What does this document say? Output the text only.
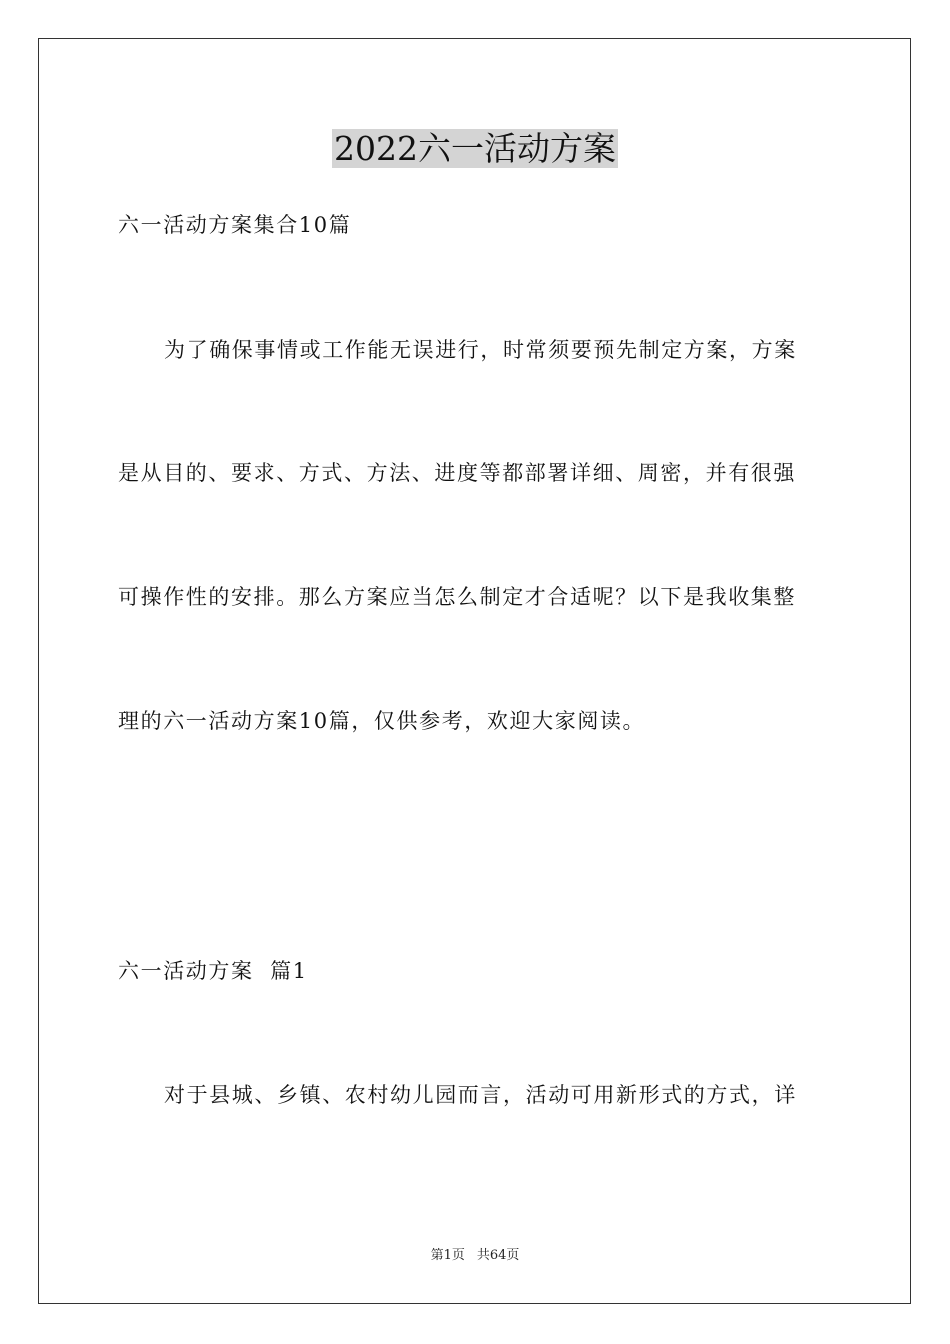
2022六一活动方案
六一活动方案集合10篇
为了确保事情或工作能无误进行，时常须要预先制定方案，方案
是从目的、要求、方式、方法、进度等都部署详细、周密，并有很强
可操作性的安排。那么方案应当怎么制定才合适呢？以下是我收集整
理的六一活动方案10篇，仅供参考，欢迎大家阅读。
六一活动方案  篇1
对于县城、乡镇、农村幼儿园而言，活动可用新形式的方式，详
第1页 共64页
